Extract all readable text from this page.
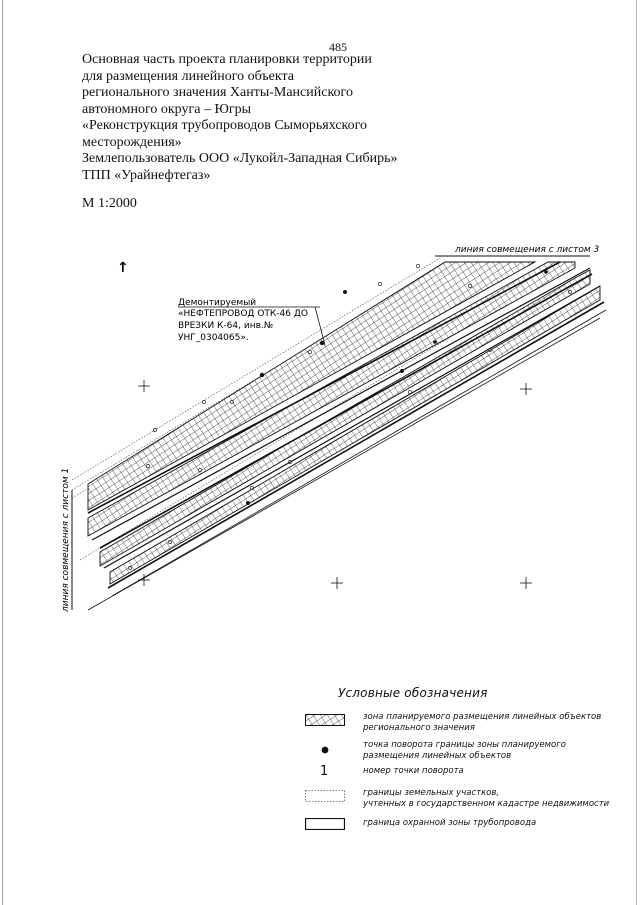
485
Основная часть проекта планировки территории
для размещения линейного объекта
регионального значения Ханты-Мансийского
автономного округа – Югры
«Реконструкция трубопроводов Сыморьяхского
месторождения»
Землепользователь ООО «Лукойл-Западная Сибирь»
ТПП «Урайнефтегаз»
М 1:2000
линия совмещения с листом 3
линия совмещения с листом 1
↑
Демонтируемый
«НЕФТЕПРОВОД ОТК-46 ДО
ВРЕЗКИ К-64, инв.№
УНГ_0304065».
Условные обозначения
зона планируемого размещения линейных объектов
регионального значения
точка поворота границы зоны планируемого
размещения линейных объектов
1	номер точки поворота
границы земельных участков,
учтенных в государственном кадастре недвижимости
граница охранной зоны трубопровода
